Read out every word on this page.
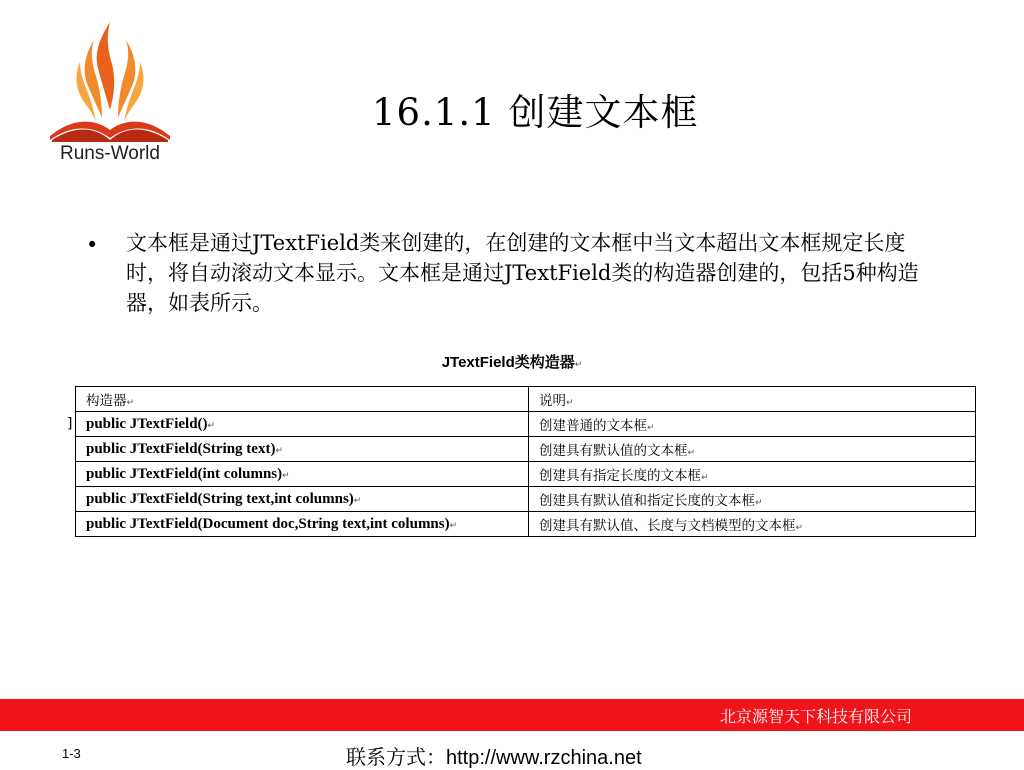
Runs-World
16.1.1 创建文本框
• 文本框是通过JTextField类来创建的，在创建的文本框中当文本超出文本框规定长度时，将自动滚动文本显示。文本框是通过JTextField类的构造器创建的，包括5种构造器，如表所示。
JTextField类构造器↵
]
构造器↵	说明↵
public JTextField()↵	创建普通的文本框↵
public JTextField(String text)↵	创建具有默认值的文本框↵
public JTextField(int columns)↵	创建具有指定长度的文本框↵
public JTextField(String text,int columns)↵	创建具有默认值和指定长度的文本框↵
public JTextField(Document doc,String text,int columns)↵	创建具有默认值、长度与文档模型的文本框↵
北京源智天下科技有限公司
1-3	联系方式：http://www.rzchina.net
